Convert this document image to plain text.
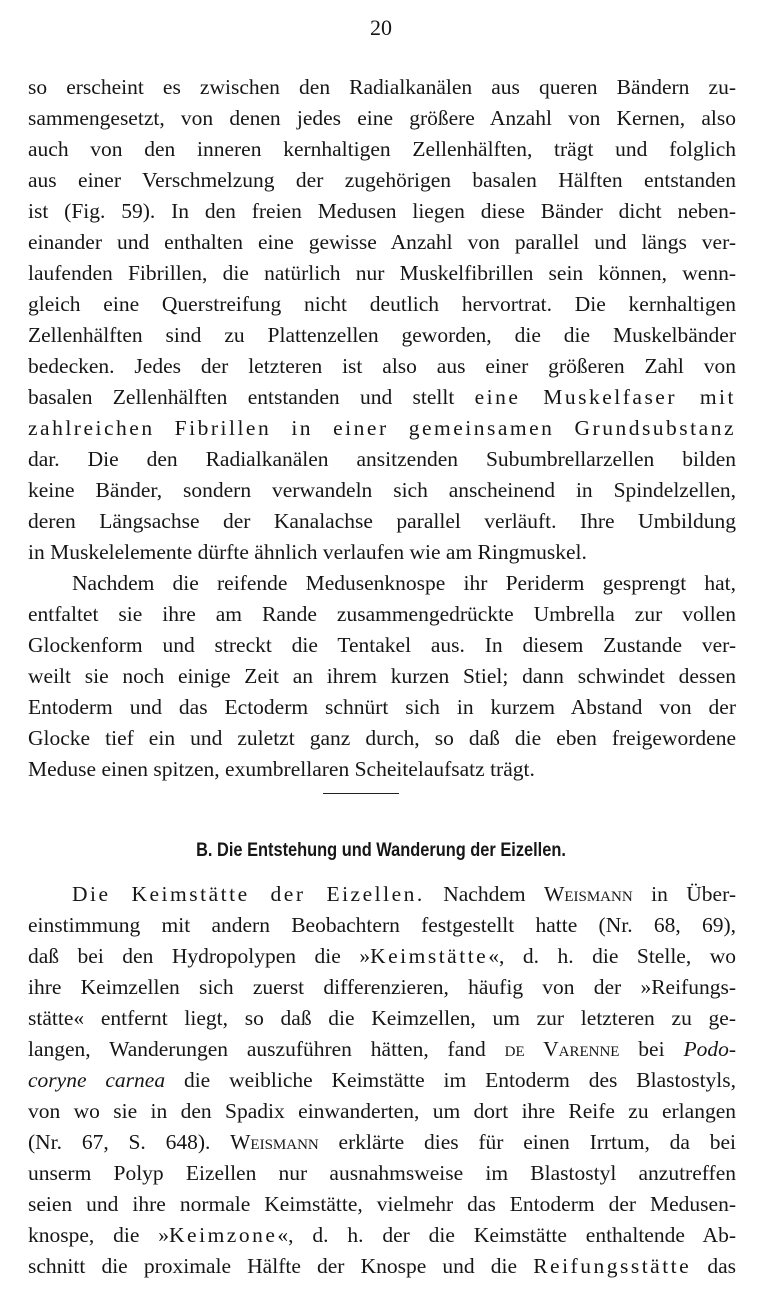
20
so erscheint es zwischen den Radialkanälen aus queren Bändern zu-
sammengesetzt, von denen jedes eine größere Anzahl von Kernen, also
auch von den inneren kernhaltigen Zellenhälften, trägt und folglich
aus einer Verschmelzung der zugehörigen basalen Hälften entstanden
ist (Fig. 59). In den freien Medusen liegen diese Bänder dicht neben-
einander und enthalten eine gewisse Anzahl von parallel und längs ver-
laufenden Fibrillen, die natürlich nur Muskelfibrillen sein können, wenn-
gleich eine Querstreifung nicht deutlich hervortrat. Die kernhaltigen
Zellenhälften sind zu Plattenzellen geworden, die die Muskelbänder
bedecken. Jedes der letzteren ist also aus einer größeren Zahl von
basalen Zellenhälften entstanden und stellt eine Muskelfaser mit
zahlreichen Fibrillen in einer gemeinsamen Grundsubstanz
dar. Die den Radialkanälen ansitzenden Subumbrellarzellen bilden
keine Bänder, sondern verwandeln sich anscheinend in Spindelzellen,
deren Längsachse der Kanalachse parallel verläuft. Ihre Umbildung
in Muskelelemente dürfte ähnlich verlaufen wie am Ringmuskel.
Nachdem die reifende Medusenknospe ihr Periderm gesprengt hat,
entfaltet sie ihre am Rande zusammengedrückte Umbrella zur vollen
Glockenform und streckt die Tentakel aus. In diesem Zustande ver-
weilt sie noch einige Zeit an ihrem kurzen Stiel; dann schwindet dessen
Entoderm und das Ectoderm schnürt sich in kurzem Abstand von der
Glocke tief ein und zuletzt ganz durch, so daß die eben freigewordene
Meduse einen spitzen, exumbrellaren Scheitelaufsatz trägt.
B. Die Entstehung und Wanderung der Eizellen.
Die Keimstätte der Eizellen. Nachdem Weismann in Über-
einstimmung mit andern Beobachtern festgestellt hatte (Nr. 68, 69),
daß bei den Hydropolypen die »Keimstätte«, d. h. die Stelle, wo
ihre Keimzellen sich zuerst differenzieren, häufig von der »Reifungs-
stätte« entfernt liegt, so daß die Keimzellen, um zur letzteren zu ge-
langen, Wanderungen auszuführen hätten, fand de Varenne bei Podo-
coryne carnea die weibliche Keimstätte im Entoderm des Blastostyls,
von wo sie in den Spadix einwanderten, um dort ihre Reife zu erlangen
(Nr. 67, S. 648). Weismann erklärte dies für einen Irrtum, da bei
unserm Polyp Eizellen nur ausnahmsweise im Blastostyl anzutreffen
seien und ihre normale Keimstätte, vielmehr das Entoderm der Medusen-
knospe, die »Keimzone«, d. h. der die Keimstätte enthaltende Ab-
schnitt die proximale Hälfte der Knospe und die Reifungsstätte das
